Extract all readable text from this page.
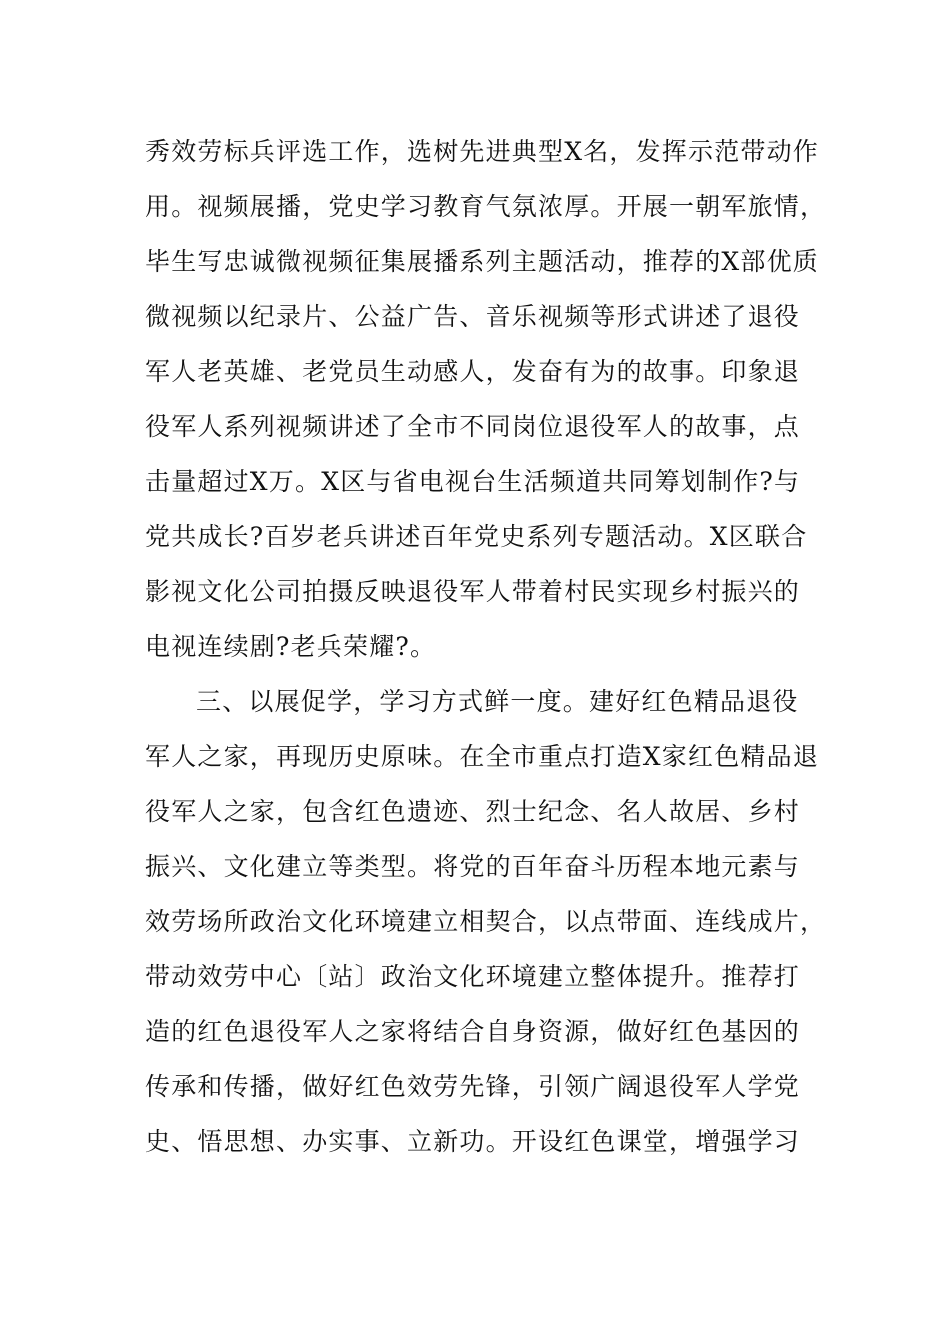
秀效劳标兵评选工作，选树先进典型X名，发挥示范带动作
用。视频展播，党史学习教育气氛浓厚。开展一朝军旅情，
毕生写忠诚微视频征集展播系列主题活动，推荐的X部优质
微视频以纪录片、公益广告、音乐视频等形式讲述了退役
军人老英雄、老党员生动感人，发奋有为的故事。印象退
役军人系列视频讲述了全市不同岗位退役军人的故事，点
击量超过X万。X区与省电视台生活频道共同筹划制作?与
党共成长?百岁老兵讲述百年党史系列专题活动。X区联合
影视文化公司拍摄反映退役军人带着村民实现乡村振兴的
电视连续剧?老兵荣耀?。
三、以展促学，学习方式鲜一度。建好红色精品退役
军人之家，再现历史原味。在全市重点打造X家红色精品退
役军人之家，包含红色遗迹、烈士纪念、名人故居、乡村
振兴、文化建立等类型。将党的百年奋斗历程本地元素与
效劳场所政治文化环境建立相契合，以点带面、连线成片，
带动效劳中心〔站〕政治文化环境建立整体提升。推荐打
造的红色退役军人之家将结合自身资源，做好红色基因的
传承和传播，做好红色效劳先锋，引领广阔退役军人学党
史、悟思想、办实事、立新功。开设红色课堂，增强学习
